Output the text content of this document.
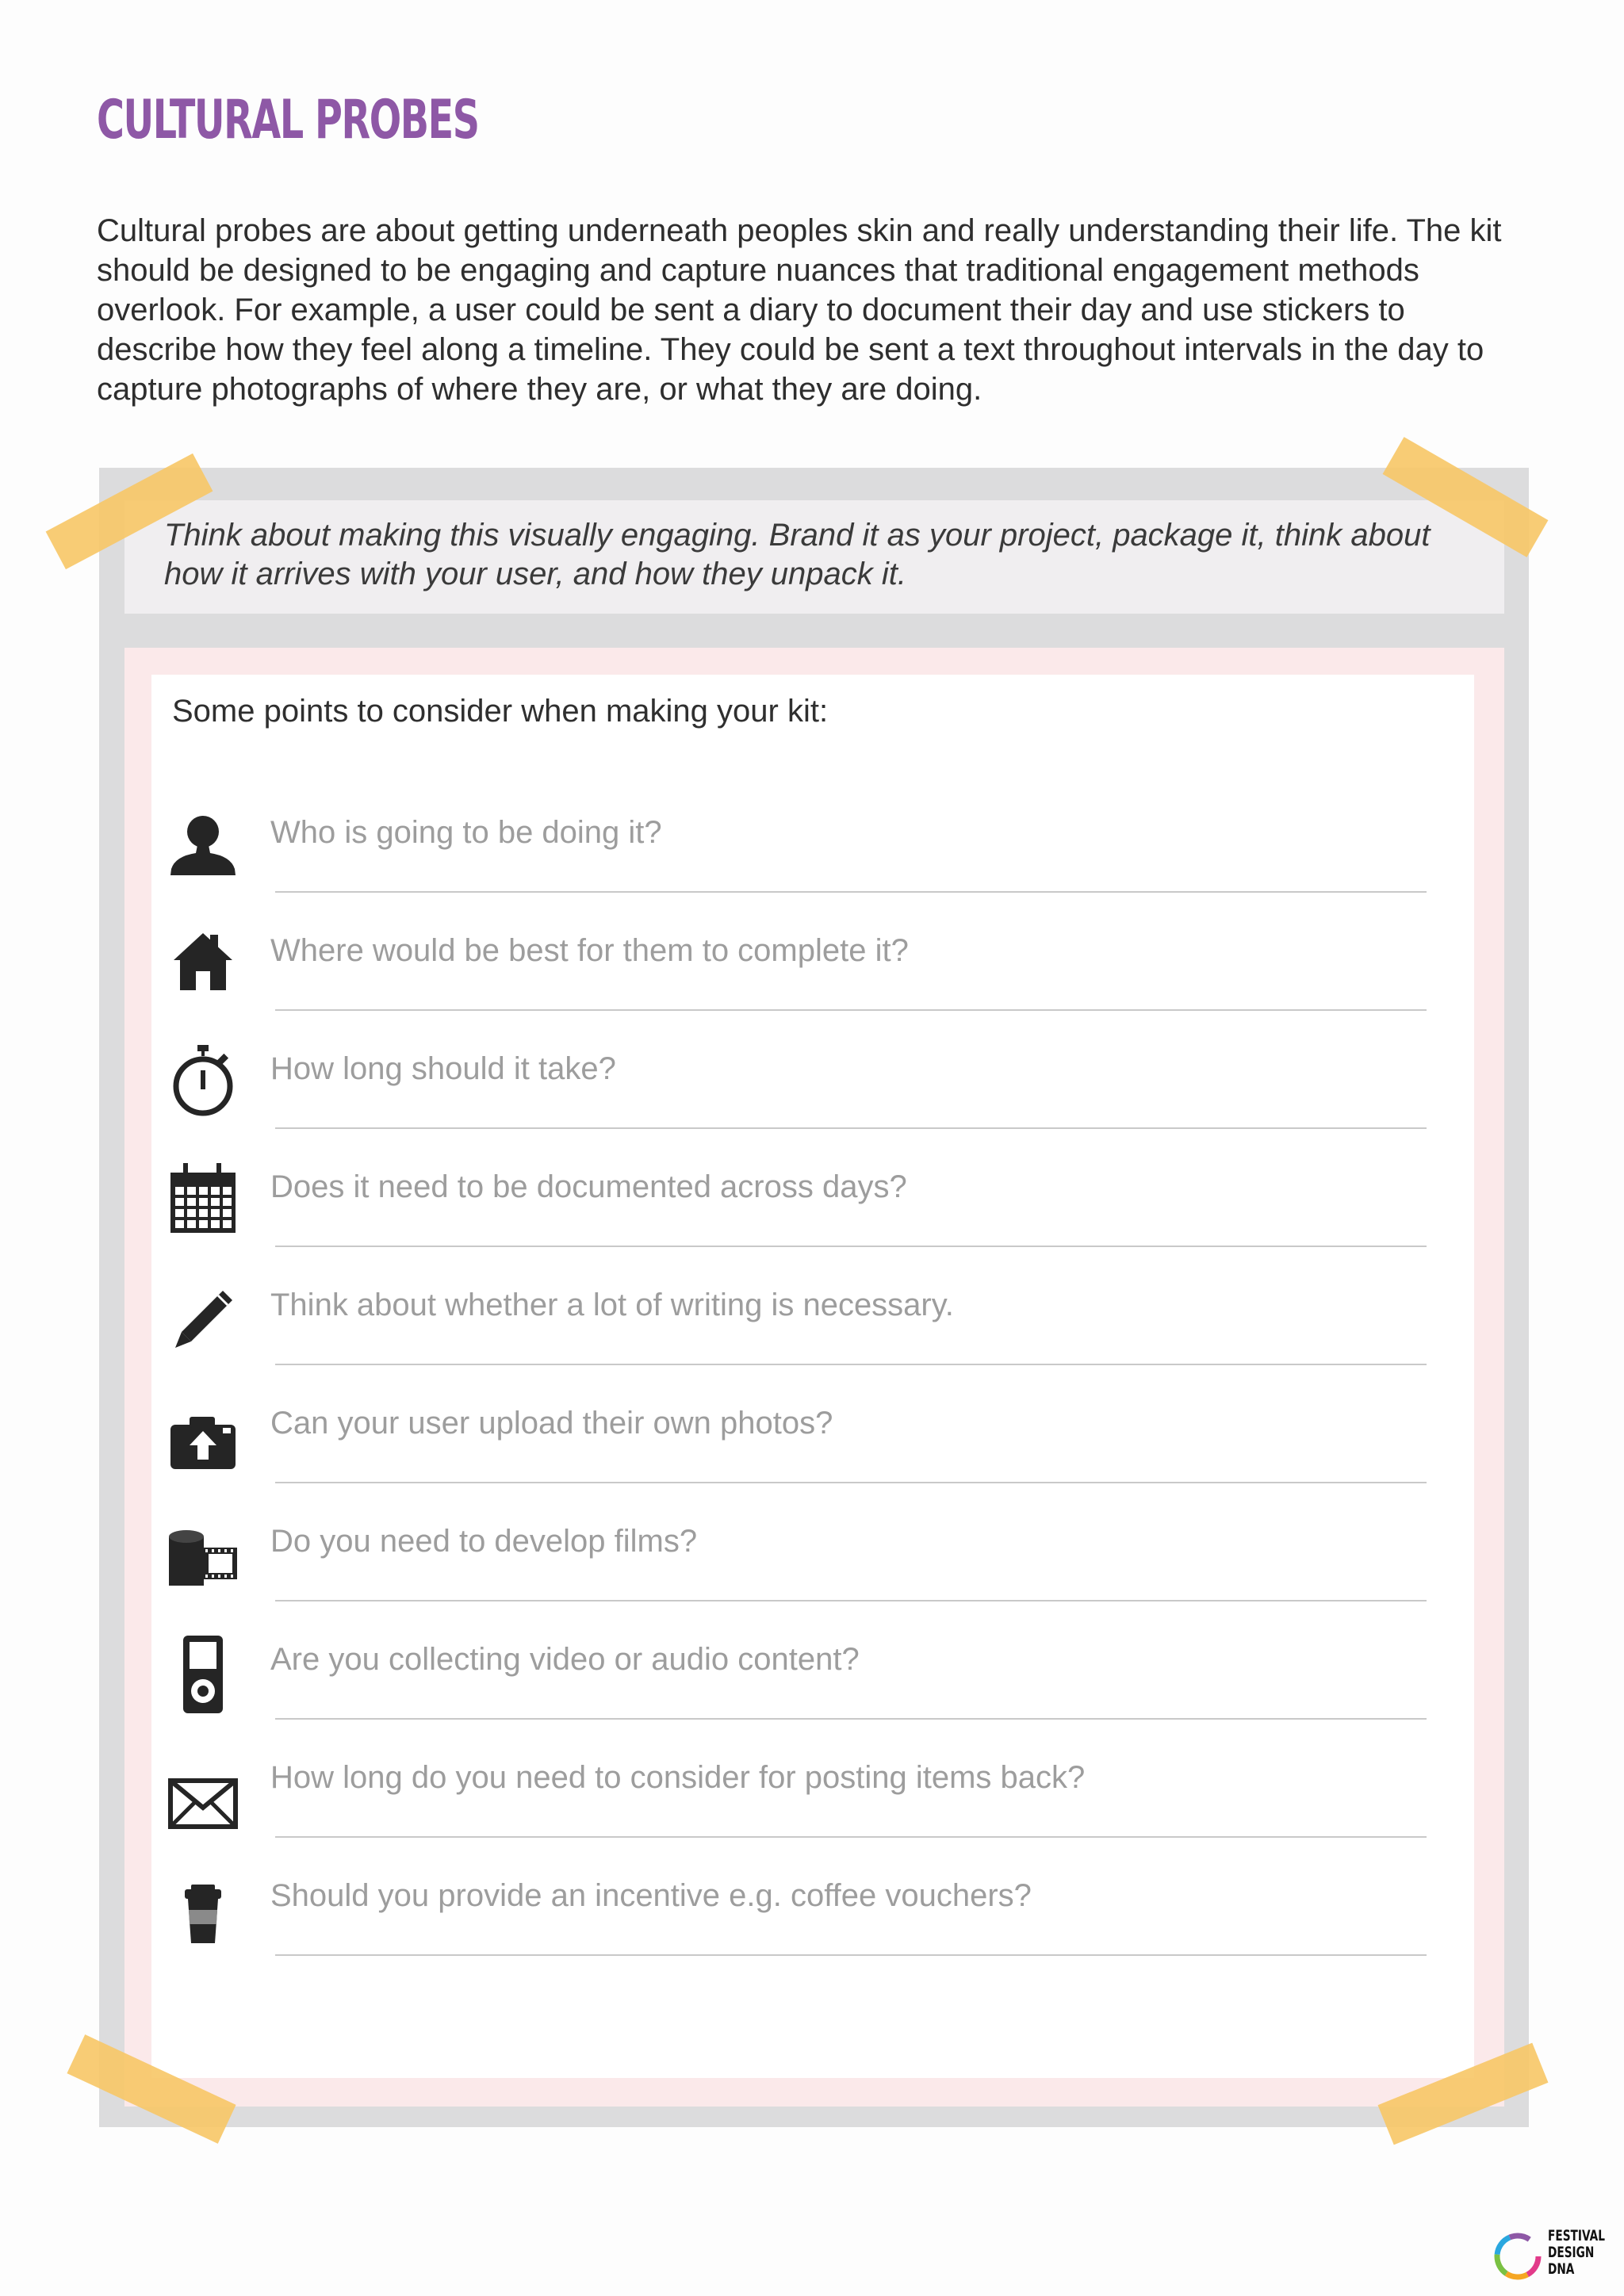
CULTURAL PROBES

Cultural probes are about getting underneath peoples skin and really understanding their life. The kit should be designed to be engaging and capture nuances that traditional engagement methods overlook. For example, a user could be sent a diary to document their day and use stickers to describe how they feel along a timeline. They could be sent a text throughout intervals in the day to capture photographs of where they are, or what they are doing.

Think about making this visually engaging. Brand it as your project, package it, think about
how it arrives with your user, and how they unpack it.
Some points to consider when making your kit:
Who is going to be doing it?
Where would be best for them to complete it?
How long should it take?
Does it need to be documented across days?
Think about whether a lot of writing is necessary.
Can your user upload their own photos?
Do you need to develop films?
Are you collecting video or audio content?
How long do you need to consider for posting items back?
Should you provide an incentive e.g. coffee vouchers?
FESTIVAL
DESIGN
DNA
